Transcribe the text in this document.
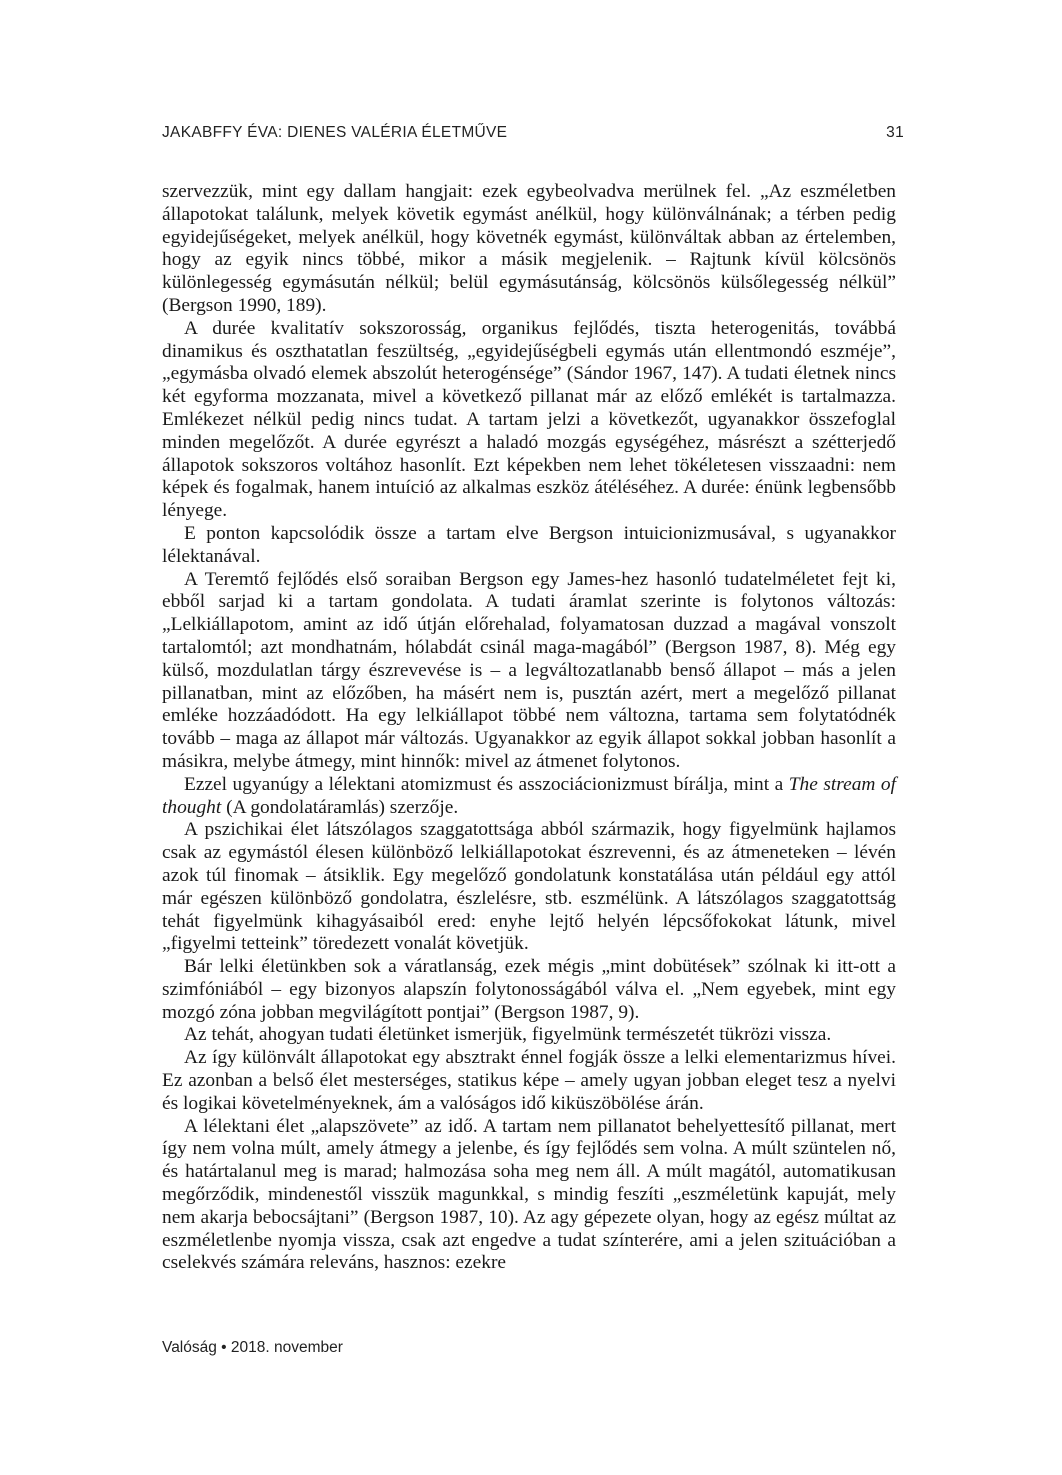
JAKABFFY ÉVA: DIENES VALÉRIA ÉLETMŰVE	31

szervezzük, mint egy dallam hangjait: ezek egybeolvadva merülnek fel. „Az eszméletben állapotokat találunk, melyek követik egymást anélkül, hogy különválnának; a térben pedig egyidejűségeket, melyek anélkül, hogy követnék egymást, különváltak abban az értelemben, hogy az egyik nincs többé, mikor a másik megjelenik. – Rajtunk kívül kölcsönös különlegesség egymásután nélkül; belül egymásutánság, kölcsönös külsőlegesség nélkül” (Bergson 1990, 189).

A durée kvalitatív sokszorosság, organikus fejlődés, tiszta heterogenitás, továbbá dinamikus és oszthatatlan feszültség, „egyidejűségbeli egymás után ellentmondó eszméje”, „egymásba olvadó elemek abszolút heterogénsége” (Sándor 1967, 147). A tudati életnek nincs két egyforma mozzanata, mivel a következő pillanat már az előző emlékét is tartalmazza. Emlékezet nélkül pedig nincs tudat. A tartam jelzi a következőt, ugyanakkor összefoglal minden megelőzőt. A durée egyrészt a haladó mozgás egységéhez, másrészt a szétterjedő állapotok sokszoros voltához hasonlít. Ezt képekben nem lehet tökéletesen visszaadni: nem képek és fogalmak, hanem intuíció az alkalmas eszköz átéléséhez. A durée: énünk legbensőbb lényege.

E ponton kapcsolódik össze a tartam elve Bergson intuicionizmusával, s ugyanakkor lélektanával.

A Teremtő fejlődés első soraiban Bergson egy James-hez hasonló tudatelméletet fejt ki, ebből sarjad ki a tartam gondolata. A tudati áramlat szerinte is folytonos változás: „Lelkiállapotom, amint az idő útján előrehalad, folyamatosan duzzad a magával vonszolt tartalomtól; azt mondhatnám, hólabdát csinál maga-magából” (Bergson 1987, 8). Még egy külső, mozdulatlan tárgy észrevevése is – a legváltozatlanabb benső állapot – más a jelen pillanatban, mint az előzőben, ha másért nem is, pusztán azért, mert a megelőző pillanat emléke hozzáadódott. Ha egy lelkiállapot többé nem változna, tartama sem folytatódnék tovább – maga az állapot már változás. Ugyanakkor az egyik állapot sokkal jobban hasonlít a másikra, melybe átmegy, mint hinnők: mivel az átmenet folytonos.

Ezzel ugyanúgy a lélektani atomizmust és asszociácionizmust bírálja, mint a The stream of thought (A gondolatáramlás) szerzője.

A pszichikai élet látszólagos szaggatottsága abból származik, hogy figyelmünk hajlamos csak az egymástól élesen különböző lelkiállapotokat észrevenni, és az átmeneteken – lévén azok túl finomak – átsiklik. Egy megelőző gondolatunk konstatálása után például egy attól már egészen különböző gondolatra, észlelésre, stb. eszmélünk. A látszólagos szaggatottság tehát figyelmünk kihagyásaiból ered: enyhe lejtő helyén lépcsőfokokat látunk, mivel „figyelmi tetteink” töredezett vonalát követjük.

Bár lelki életünkben sok a váratlanság, ezek mégis „mint dobütések” szólnak ki itt-ott a szimfóniából – egy bizonyos alapszín folytonosságából válva el. „Nem egyebek, mint egy mozgó zóna jobban megvilágított pontjai” (Bergson 1987, 9).

Az tehát, ahogyan tudati életünket ismerjük, figyelmünk természetét tükrözi vissza.

Az így különvált állapotokat egy absztrakt énnel fogják össze a lelki elementarizmus hívei. Ez azonban a belső élet mesterséges, statikus képe – amely ugyan jobban eleget tesz a nyelvi és logikai követelményeknek, ám a valóságos idő kiküszöbölése árán.

A lélektani élet „alapszövete” az idő. A tartam nem pillanatot behelyettesítő pillanat, mert így nem volna múlt, amely átmegy a jelenbe, és így fejlődés sem volna. A múlt szüntelen nő, és határtalanul meg is marad; halmozása soha meg nem áll. A múlt magától, automatikusan megőrződik, mindenestől visszük magunkkal, s mindig feszíti „eszméletünk kapuját, mely nem akarja bebocsájtani” (Bergson 1987, 10). Az agy gépezete olyan, hogy az egész múltat az eszméletlenbe nyomja vissza, csak azt engedve a tudat színterére, ami a jelen szituációban a cselekvés számára releváns, hasznos: ezekre

Valóság • 2018. november
